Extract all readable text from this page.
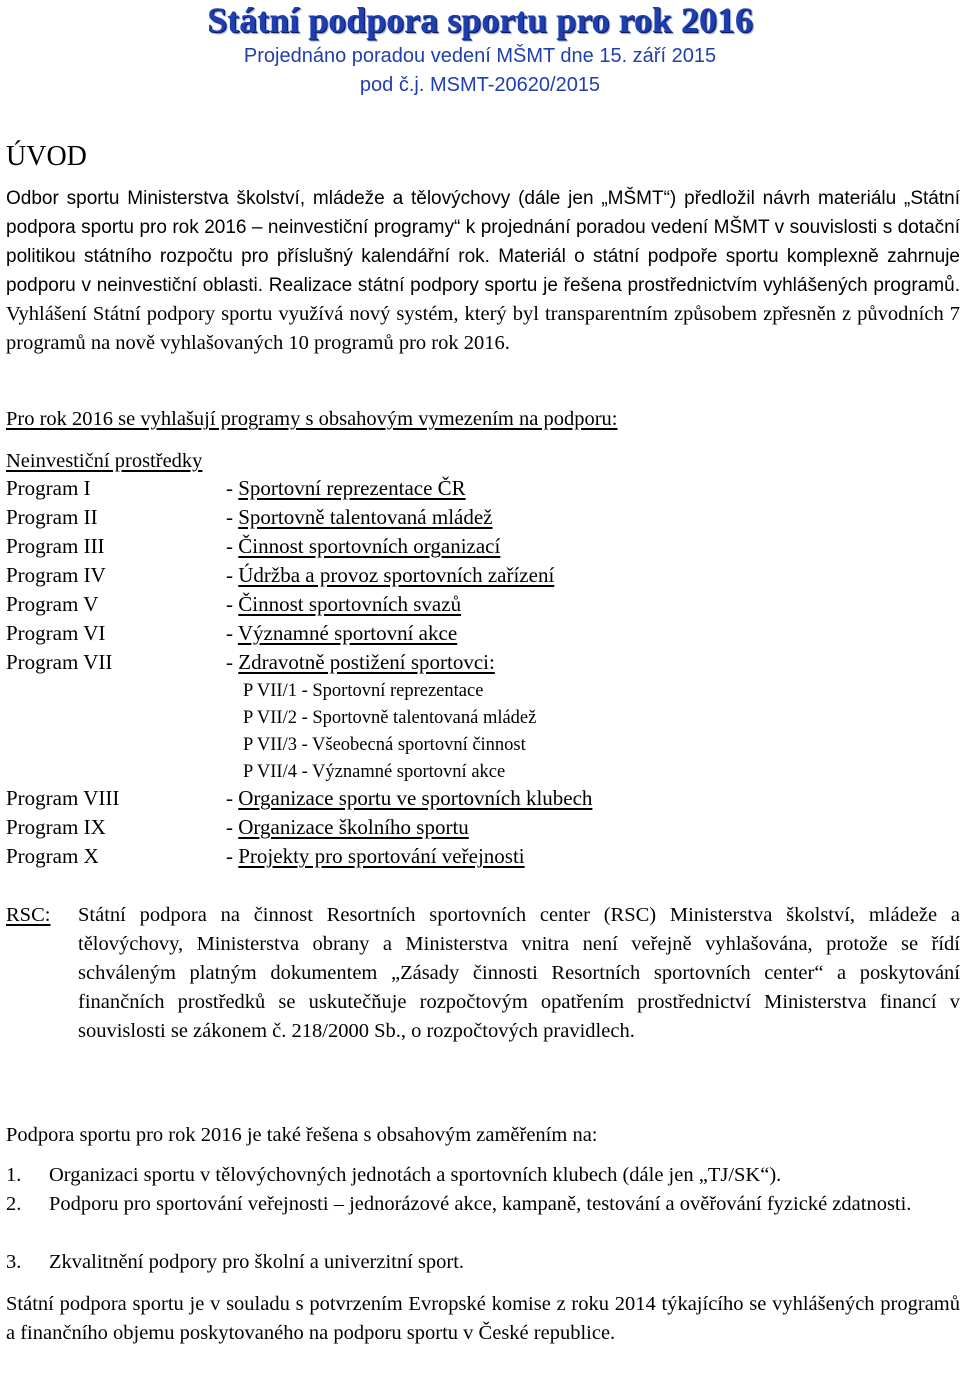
Státní podpora sportu pro rok 2016
Projednáno poradou vedení MŠMT dne 15. září 2015
pod č.j. MSMT-20620/2015
ÚVOD
Odbor sportu Ministerstva školství, mládeže a tělovýchovy (dále jen „MŠMT“) předložil návrh materiálu „Státní podpora sportu pro rok 2016 – neinvestiční programy“ k projednání poradou vedení MŠMT v souvislosti s dotační politikou státního rozpočtu pro příslušný kalendářní rok. Materiál o státní podpoře sportu komplexně zahrnuje podporu v neinvestiční oblasti. Realizace státní podpory sportu je řešena prostřednictvím vyhlášených programů. Vyhlášení Státní podpory sportu využívá nový systém, který byl transparentním způsobem zpřesněn z původních 7 programů na nově vyhlašovaných 10 programů pro rok 2016.
Pro rok 2016 se vyhlašují programy s obsahovým vymezením na podporu:
Neinvestiční prostředky
Program I	- Sportovní reprezentace ČR
Program II	- Sportovně talentovaná mládež
Program III	- Činnost sportovních organizací
Program IV	- Údržba a provoz sportovních zařízení
Program V	- Činnost sportovních svazů
Program VI	- Významné sportovní akce
Program VII	- Zdravotně postižení sportovci:
P VII/1 - Sportovní reprezentace
P VII/2 - Sportovně talentovaná mládež
P VII/3 - Všeobecná sportovní činnost
P VII/4 - Významné sportovní akce
Program VIII	- Organizace sportu ve sportovních klubech
Program IX	- Organizace školního sportu
Program X	- Projekty pro sportování veřejnosti
RSC: Státní podpora na činnost Resortních sportovních center (RSC) Ministerstva školství, mládeže a tělovýchovy, Ministerstva obrany a Ministerstva vnitra není veřejně vyhlašována, protože se řídí schváleným platným dokumentem „Zásady činnosti Resortních sportovních center“ a poskytování finančních prostředků se uskutečňuje rozpočtovým opatřením prostřednictví Ministerstva financí v souvislosti se zákonem č. 218/2000 Sb., o rozpočtových pravidlech.
Podpora sportu pro rok 2016 je také řešena s obsahovým zaměřením na:
1. Organizaci sportu v tělovýchovných jednotách a sportovních klubech (dále jen „TJ/SK“).
2. Podporu pro sportování veřejnosti – jednorázové akce, kampaně, testování a ověřování fyzické zdatnosti.
3. Zkvalitnění podpory pro školní a univerzitní sport.
Státní podpora sportu je v souladu s potvrzením Evropské komise z roku 2014 týkajícího se vyhlášených programů a finančního objemu poskytovaného na podporu sportu v České republice.
